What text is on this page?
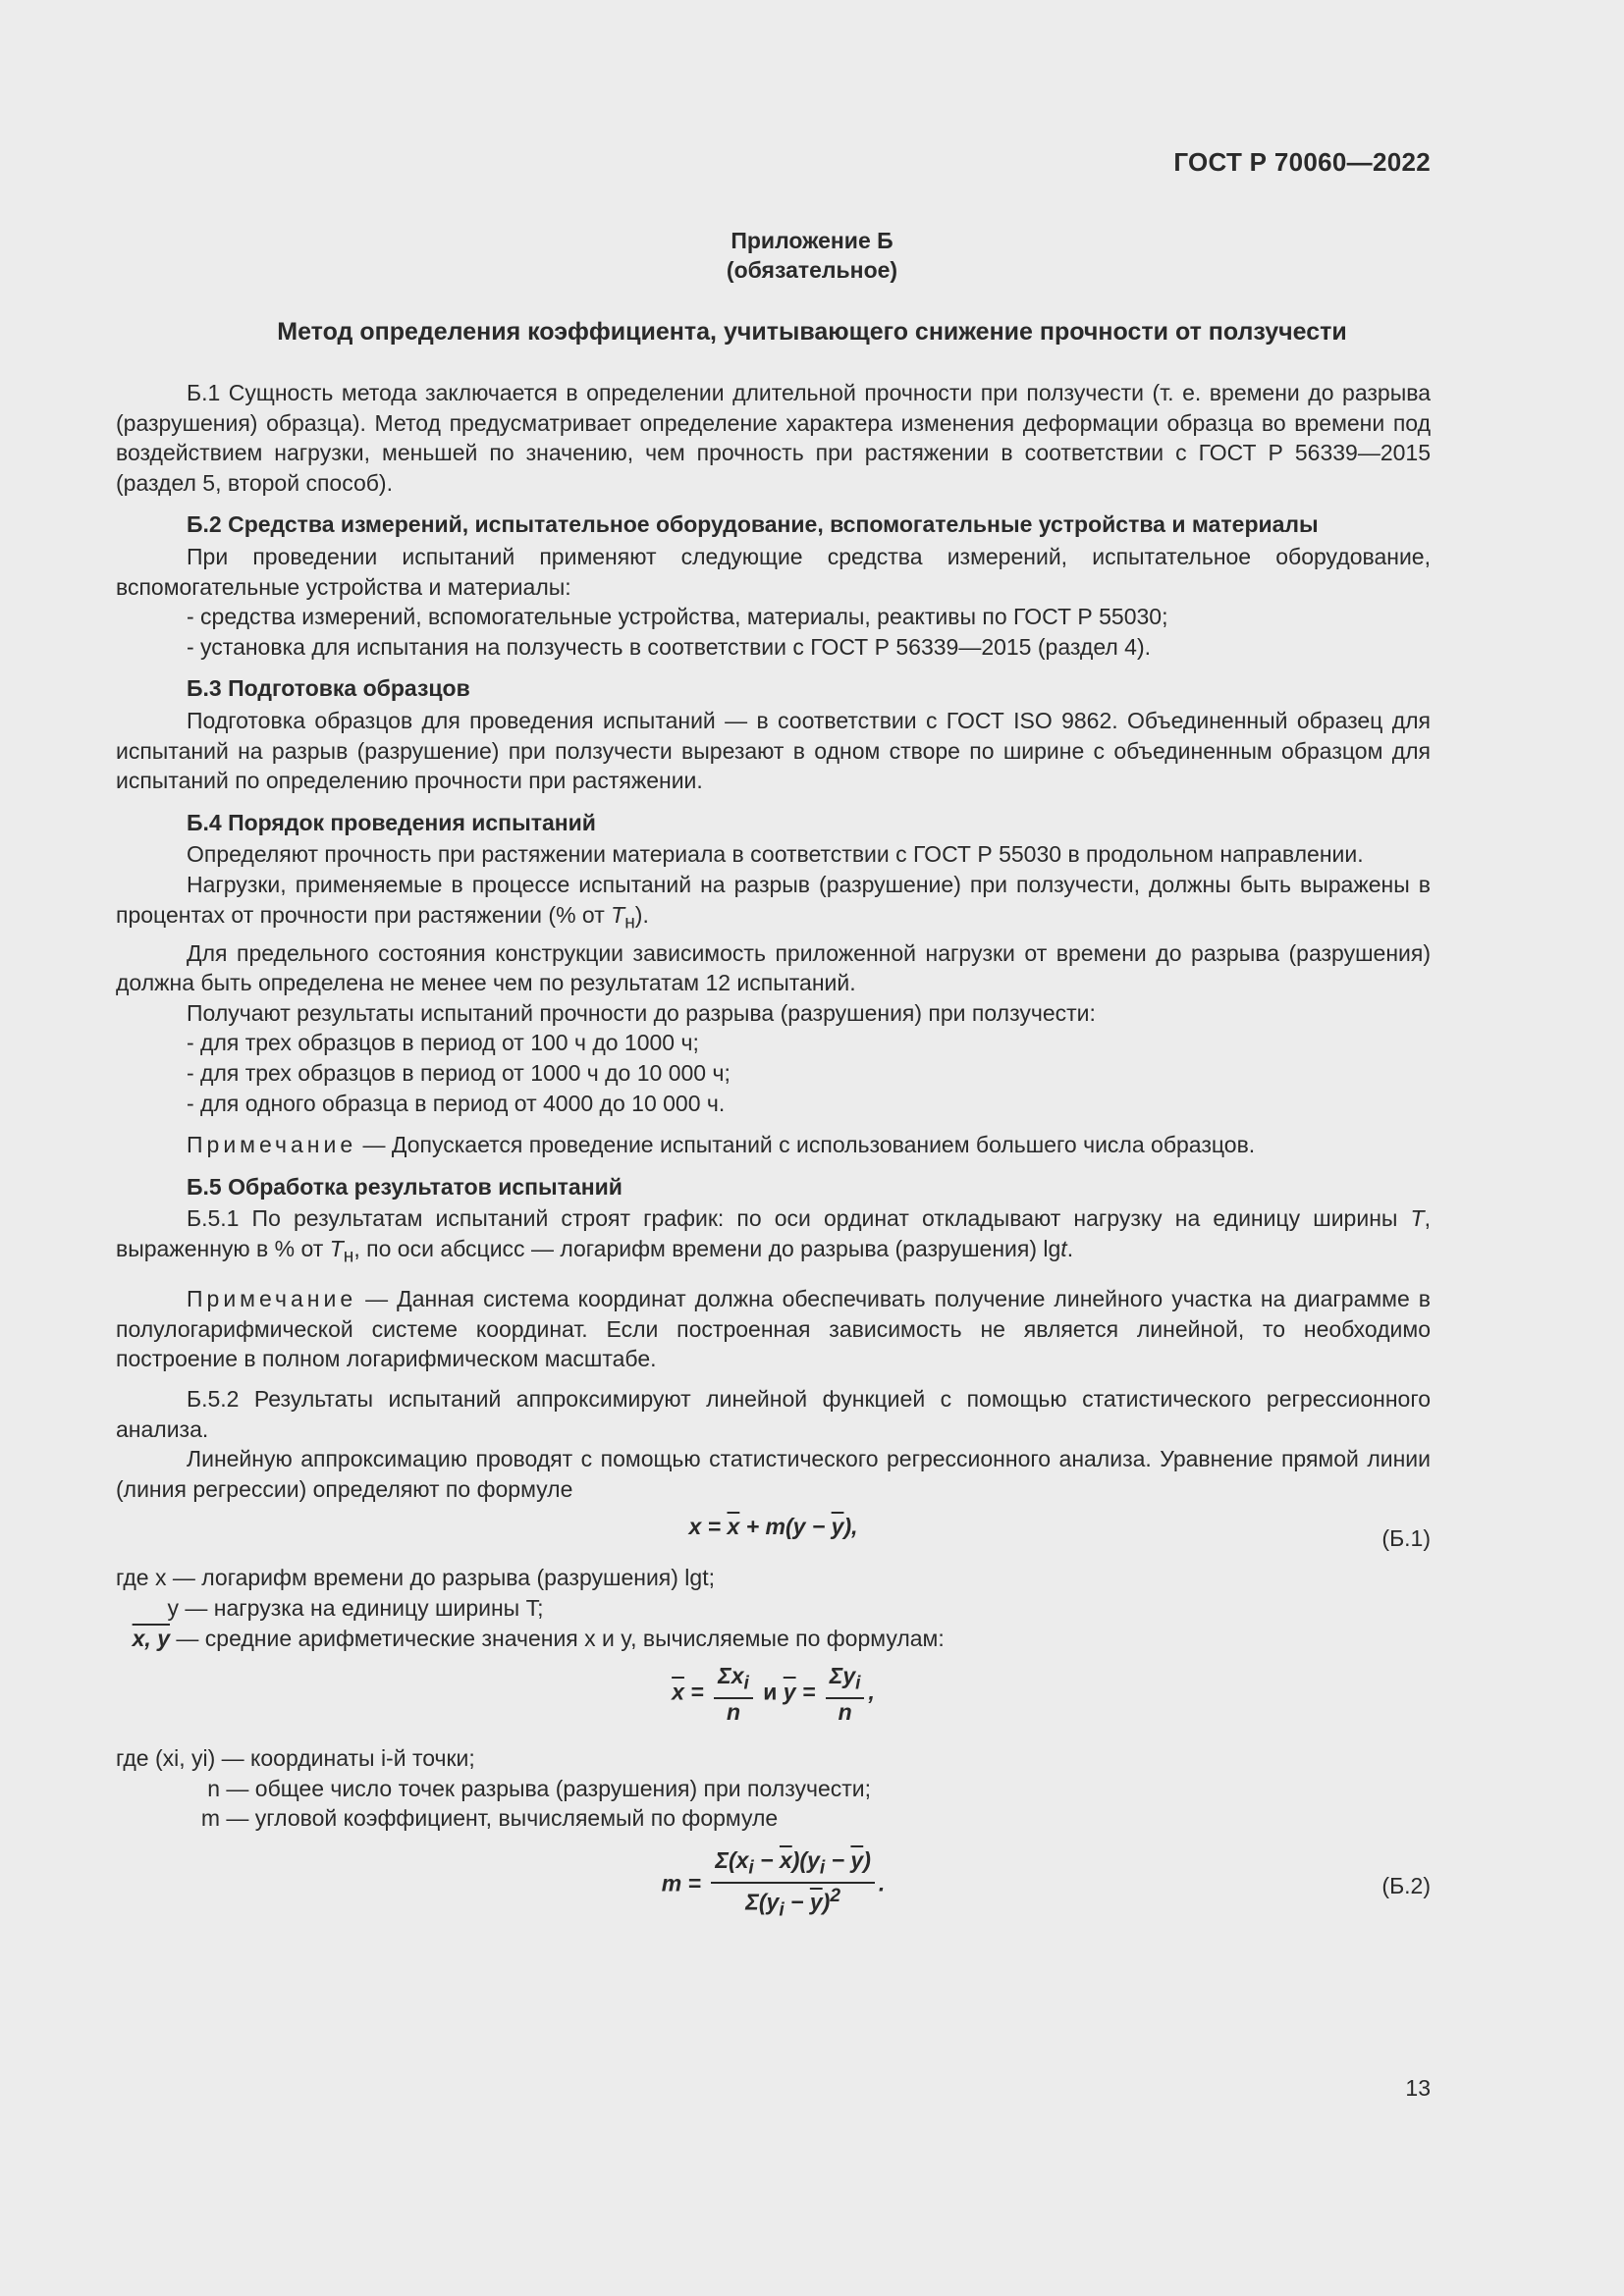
ГОСТ Р 70060—2022
Приложение Б
(обязательное)
Метод определения коэффициента, учитывающего снижение прочности от ползучести

Б.1 Сущность метода заключается в определении длительной прочности при ползучести (т. е. времени до разрыва (разрушения) образца). Метод предусматривает определение характера изменения деформации образца во времени под воздействием нагрузки, меньшей по значению, чем прочность при растяжении в соответствии с ГОСТ Р 56339—2015 (раздел 5, второй способ).

Б.2 Средства измерений, испытательное оборудование, вспомогательные устройства и материалы

При проведении испытаний применяют следующие средства измерений, испытательное оборудование, вспомогательные устройства и материалы:

- средства измерений, вспомогательные устройства, материалы, реактивы по ГОСТ Р 55030;

- установка для испытания на ползучесть в соответствии с ГОСТ Р 56339—2015 (раздел 4).

Б.3 Подготовка образцов

Подготовка образцов для проведения испытаний — в соответствии с ГОСТ ISO 9862. Объединенный образец для испытаний на разрыв (разрушение) при ползучести вырезают в одном створе по ширине с объединенным образцом для испытаний по определению прочности при растяжении.

Б.4 Порядок проведения испытаний

Определяют прочность при растяжении материала в соответствии с ГОСТ Р 55030 в продольном направлении.

Нагрузки, применяемые в процессе испытаний на разрыв (разрушение) при ползучести, должны быть выражены в процентах от прочности при растяжении (% от $T_н$).

Для предельного состояния конструкции зависимость приложенной нагрузки от времени до разрыва (разрушения) должна быть определена не менее чем по результатам 12 испытаний.

Получают результаты испытаний прочности до разрыва (разрушения) при ползучести:

- для трех образцов в период от 100 ч до 1000 ч;

- для трех образцов в период от 1000 ч до 10 000 ч;

- для одного образца в период от 4000 до 10 000 ч.

Примечание — Допускается проведение испытаний с использованием большего числа образцов.

Б.5 Обработка результатов испытаний

Б.5.1 По результатам испытаний строят график: по оси ординат откладывают нагрузку на единицу ширины T, выраженную в % от $T_н$, по оси абсцисс — логарифм времени до разрыва (разрушения) lgt.

Примечание — Данная система координат должна обеспечивать получение линейного участка на диаграмме в полулогарифмической системе координат. Если построенная зависимость не является линейной, то необходимо построение в полном логарифмическом масштабе.

Б.5.2 Результаты испытаний аппроксимируют линейной функцией с помощью статистического регрессионного анализа.

Линейную аппроксимацию проводят с помощью статистического регрессионного анализа. Уравнение прямой линии (линия регрессии) определяют по формуле

$x = \overline{x} + m(y - \overline{y})$,	(Б.1)

где x — логарифм времени до разрыва (разрушения) lgt;

y — нагрузка на единицу ширины T;

x, y — средние арифметические значения x и y, вычисляемые по формулам:

$\overline{x} = \frac{\Sigma x_i}{n}$ и $\overline{y} = \frac{\Sigma y_i}{n}$ ,

где (xi, yi) — координаты i-й точки;

n — общее число точек разрыва (разрушения) при ползучести;

m — угловой коэффициент, вычисляемый по формуле

$m = \frac{\Sigma(x_i - \overline{x})(y_i - \overline{y})}{\Sigma(y_i - \overline{y})^2}$ .	(Б.2)
13
